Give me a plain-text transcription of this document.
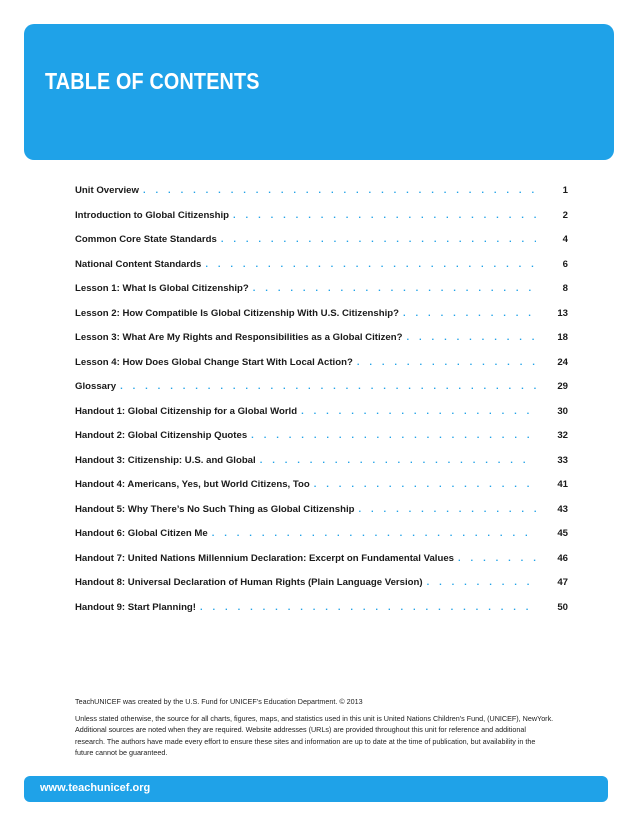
TABLE OF CONTENTS
Unit Overview . . .	1
Introduction to Global Citizenship . . .	2
Common Core State Standards . . .	4
National Content Standards . . .	6
Lesson 1: What Is Global Citizenship? . . .	8
Lesson 2: How Compatible Is Global Citizenship With U.S. Citizenship? . . .	13
Lesson 3: What Are My Rights and Responsibilities as a Global Citizen? . . .	18
Lesson 4: How Does Global Change Start With Local Action? . . .	24
Glossary . . .	29
Handout 1: Global Citizenship for a Global World . . .	30
Handout 2: Global Citizenship Quotes . . .	32
Handout 3: Citizenship: U.S. and Global . . .	33
Handout 4: Americans, Yes, but World Citizens, Too . . .	41
Handout 5: Why There’s No Such Thing as Global Citizenship . . .	43
Handout 6: Global Citizen Me . . .	45
Handout 7: United Nations Millennium Declaration: Excerpt on Fundamental Values . . .	46
Handout 8: Universal Declaration of Human Rights (Plain Language Version) . . .	47
Handout 9: Start Planning! . . .	50

TeachUNICEF was created by the U.S. Fund for UNICEF’s Education Department. © 2013

Unless stated otherwise, the source for all charts, figures, maps, and statistics used in this unit is United Nations Children’s Fund, (UNICEF), NewYork. Additional sources are noted when they are required. Website addresses (URLs) are provided throughout this unit for reference and additional research. The authors have made every effort to ensure these sites and information are up to date at the time of publication, but availability in the future cannot be guaranteed.

www.teachunicef.org
